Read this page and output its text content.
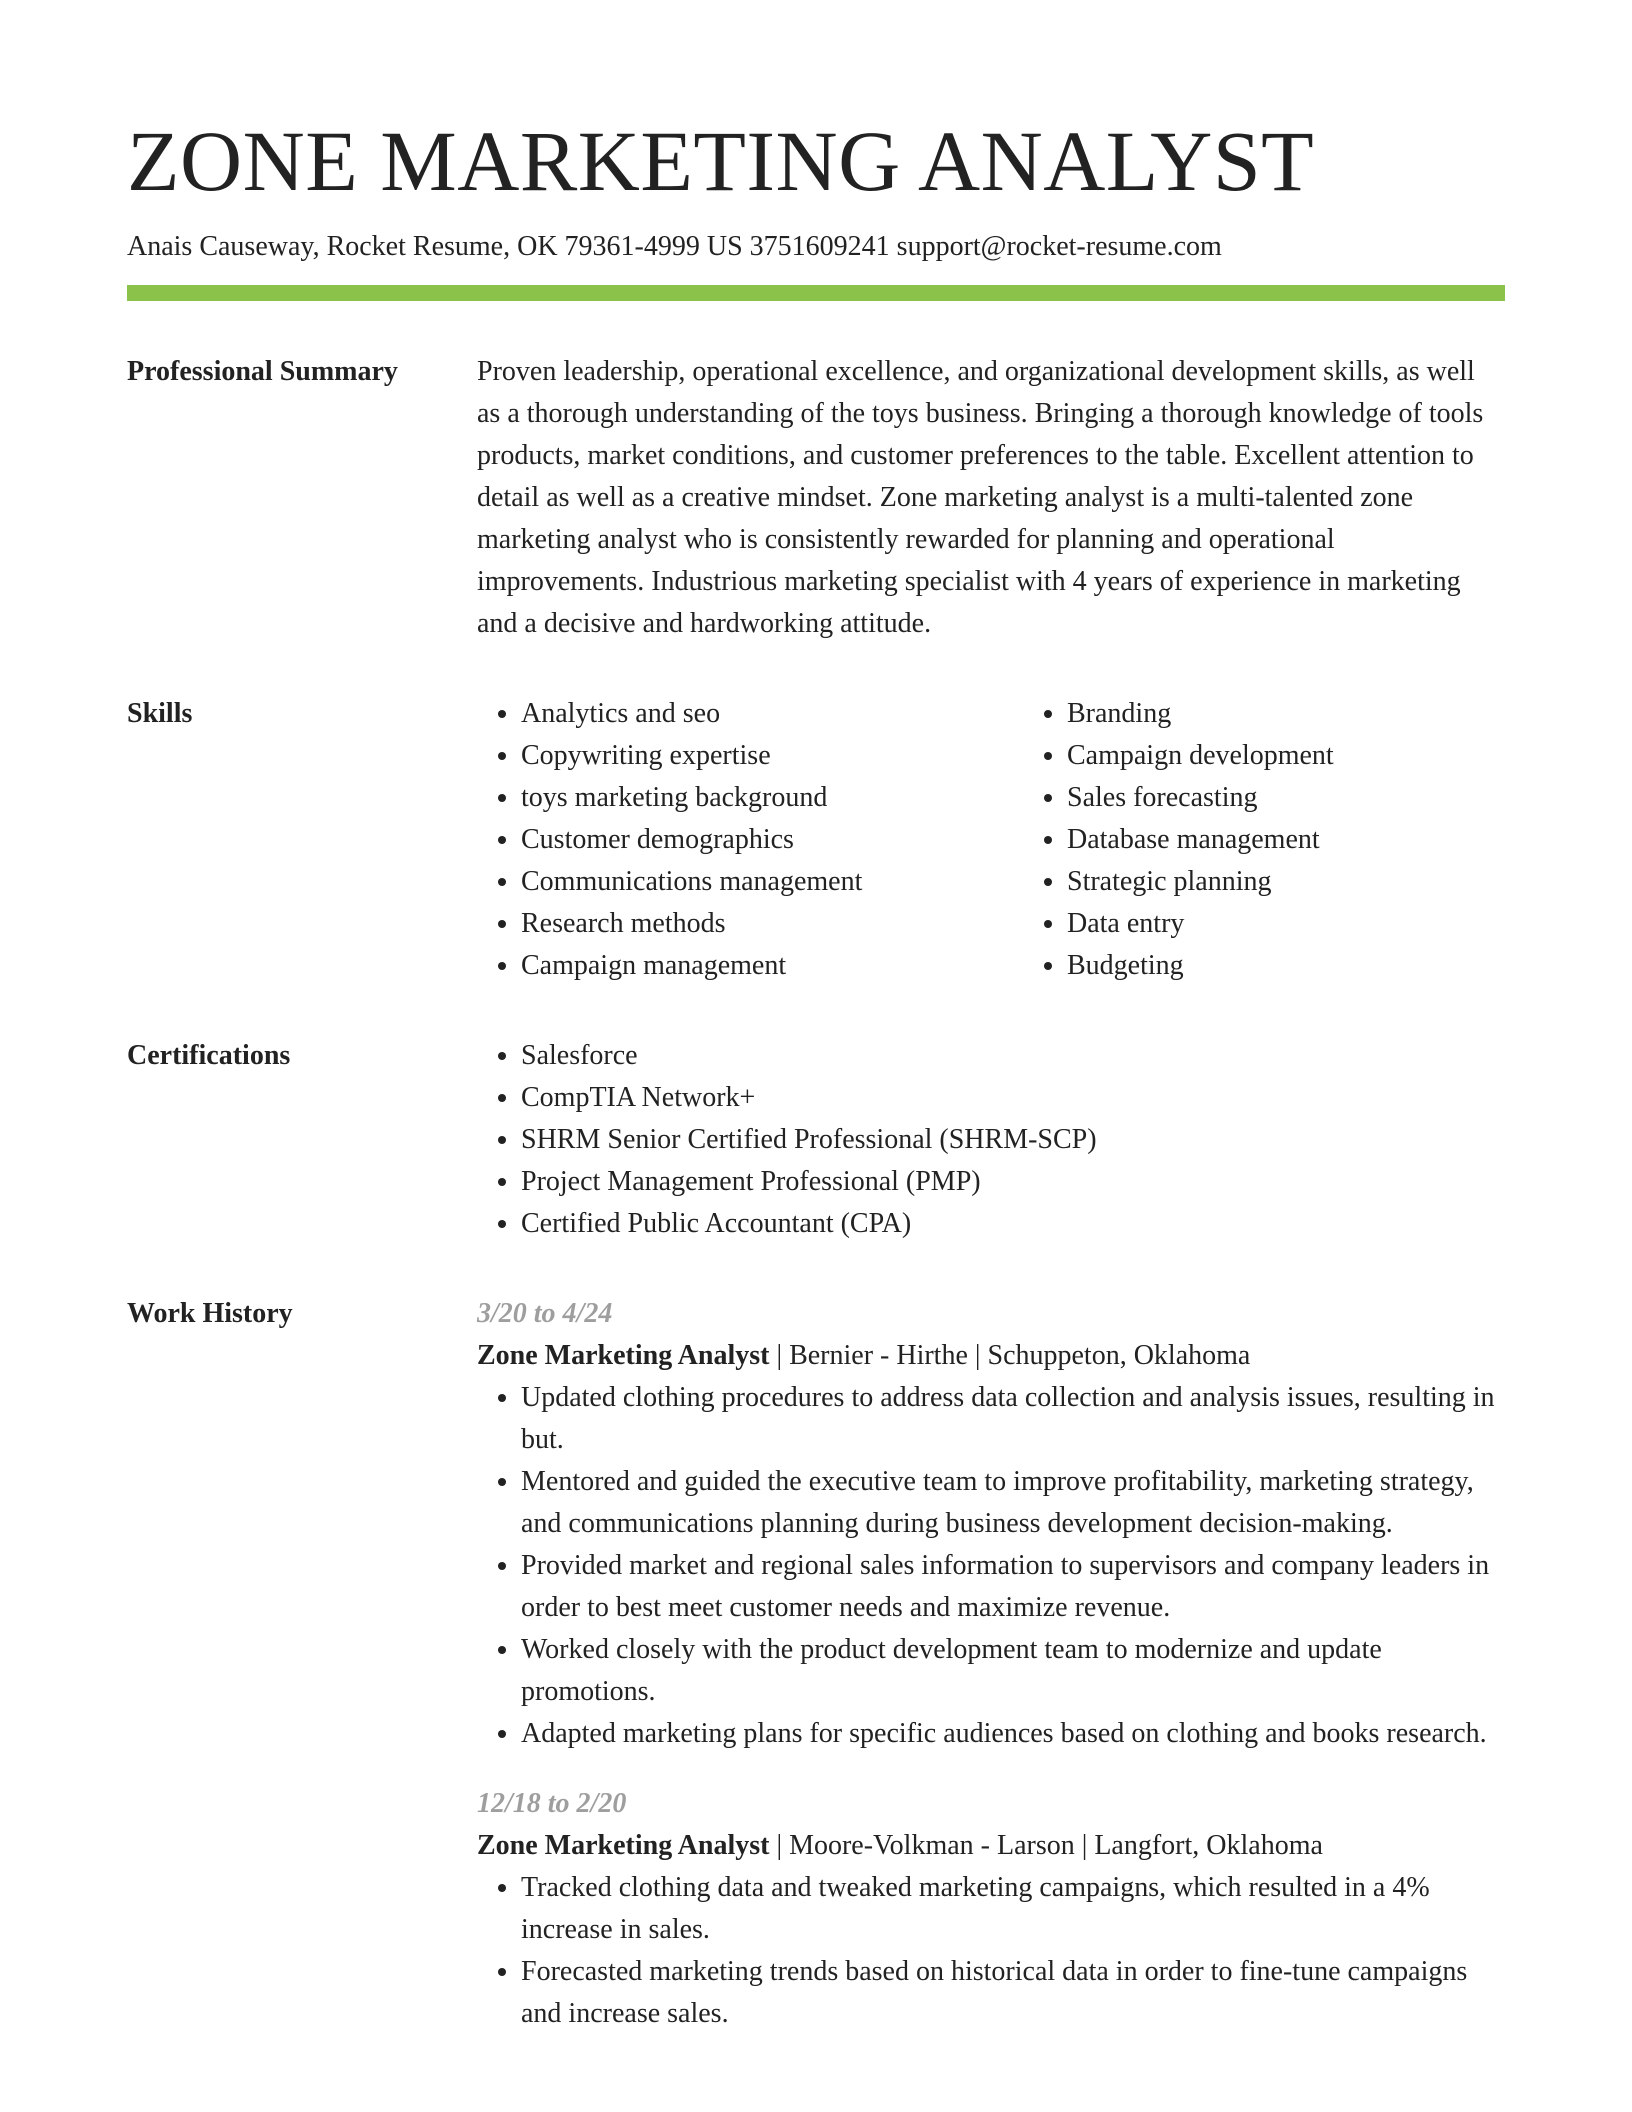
ZONE MARKETING ANALYST
Anais Causeway, Rocket Resume, OK 79361-4999 US 3751609241 support@rocket-resume.com
Professional Summary	Proven leadership, operational excellence, and organizational development skills, as well as a thorough understanding of the toys business. Bringing a thorough knowledge of tools products, market conditions, and customer preferences to the table. Excellent attention to detail as well as a creative mindset. Zone marketing analyst is a multi-talented zone marketing analyst who is consistently rewarded for planning and operational improvements. Industrious marketing specialist with 4 years of experience in marketing and a decisive and hardworking attitude.

Skills	• Analytics and seo
• Copywriting expertise
• toys marketing background
• Customer demographics
• Communications management
• Research methods
• Campaign management
• Branding
• Campaign development
• Sales forecasting
• Database management
• Strategic planning
• Data entry
• Budgeting
Certifications	• Salesforce
• CompTIA Network+
• SHRM Senior Certified Professional (SHRM-SCP)
• Project Management Professional (PMP)
• Certified Public Accountant (CPA)
Work History	3/20 to 4/24
Zone Marketing Analyst | Bernier - Hirthe | Schuppeton, Oklahoma
• Updated clothing procedures to address data collection and analysis issues, resulting in but.
• Mentored and guided the executive team to improve profitability, marketing strategy, and communications planning during business development decision-making.
• Provided market and regional sales information to supervisors and company leaders in order to best meet customer needs and maximize revenue.
• Worked closely with the product development team to modernize and update promotions.
• Adapted marketing plans for specific audiences based on clothing and books research.
12/18 to 2/20
Zone Marketing Analyst | Moore-Volkman - Larson | Langfort, Oklahoma
• Tracked clothing data and tweaked marketing campaigns, which resulted in a 4% increase in sales.
• Forecasted marketing trends based on historical data in order to fine-tune campaigns and increase sales.
